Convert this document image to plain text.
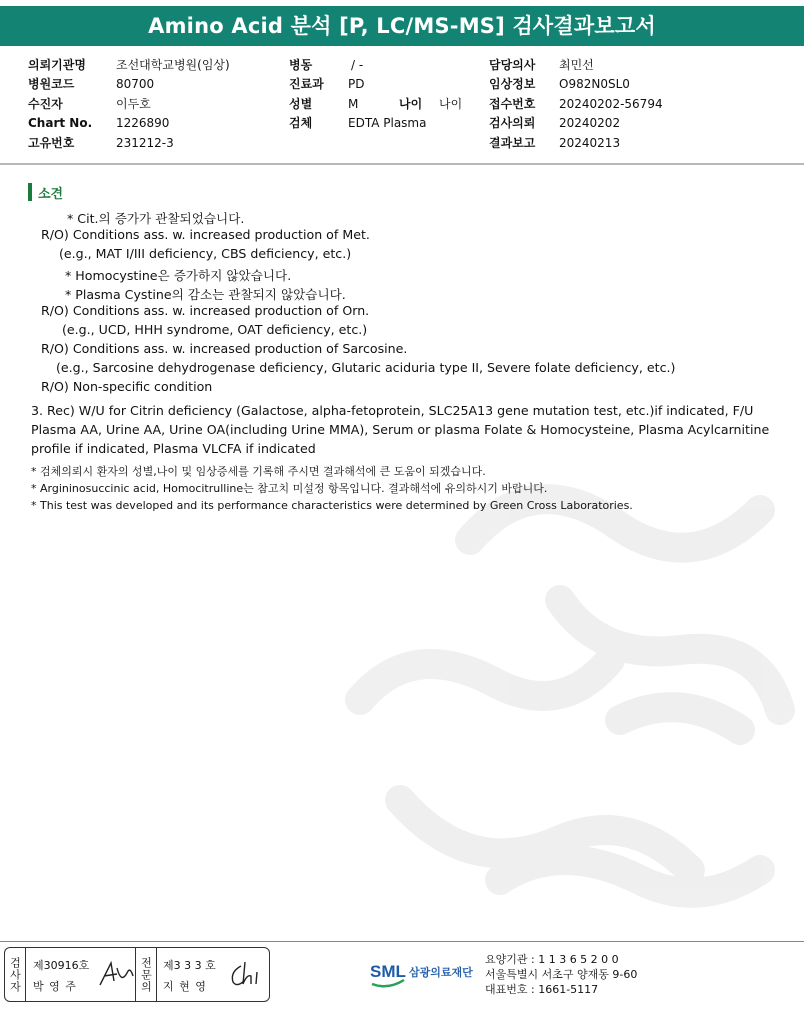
Amino Acid 분석 [P, LC/MS-MS] 검사결과보고서
의뢰기관명	조선대학교병원(임상)
병원코드	80700
수진자	이두호
Chart No. 1226890
고유번호	231212-3
병동	/ -
진료과 PD
성별	M	나이 나이
검체	EDTA Plasma
담당의사 최민선
임상정보 O982N0SL0
접수번호 20240202-56794
검사의뢰 20240202
결과보고 20240213
소견
* Cit.의 증가가 관찰되었습니다.
R/O) Conditions ass. w. increased production of Met.
(e.g., MAT I/III deficiency, CBS deficiency, etc.)
* Homocystine은 증가하지 않았습니다.
* Plasma Cystine의 감소는 관찰되지 않았습니다.
R/O) Conditions ass. w. increased production of Orn.
(e.g., UCD, HHH syndrome, OAT deficiency, etc.)
R/O) Conditions ass. w. increased production of Sarcosine.
(e.g., Sarcosine dehydrogenase deficiency, Glutaric aciduria type II, Severe folate deficiency, etc.)
R/O) Non-specific condition
3. Rec) W/U for Citrin deficiency (Galactose, alpha-fetoprotein, SLC25A13 gene mutation test, etc.)if indicated, F/U Plasma AA, Urine AA, Urine OA(including Urine MMA), Serum or plasma Folate & Homocysteine, Plasma Acylcarnitine profile if indicated, Plasma VLCFA if indicated
* 검체의뢰시 환자의 성별,나이 및 임상증세를 기록해 주시면 결과해석에 큰 도움이 되겠습니다.
* Argininosuccinic acid, Homocitrulline는 참고치 미설정 항목입니다. 결과해석에 유의하시기 바랍니다.
* This test was developed and its performance characteristics were determined by Green Cross Laboratories.
검사자 제30916호
박 영 주	전문의 제3 3 3 호
지 현 영
SML 삼광의료재단
요양기관 : 1 1 3 6 5 2 0 0
서울특별시 서초구 양재동 9-60
대표번호 : 1661-5117
